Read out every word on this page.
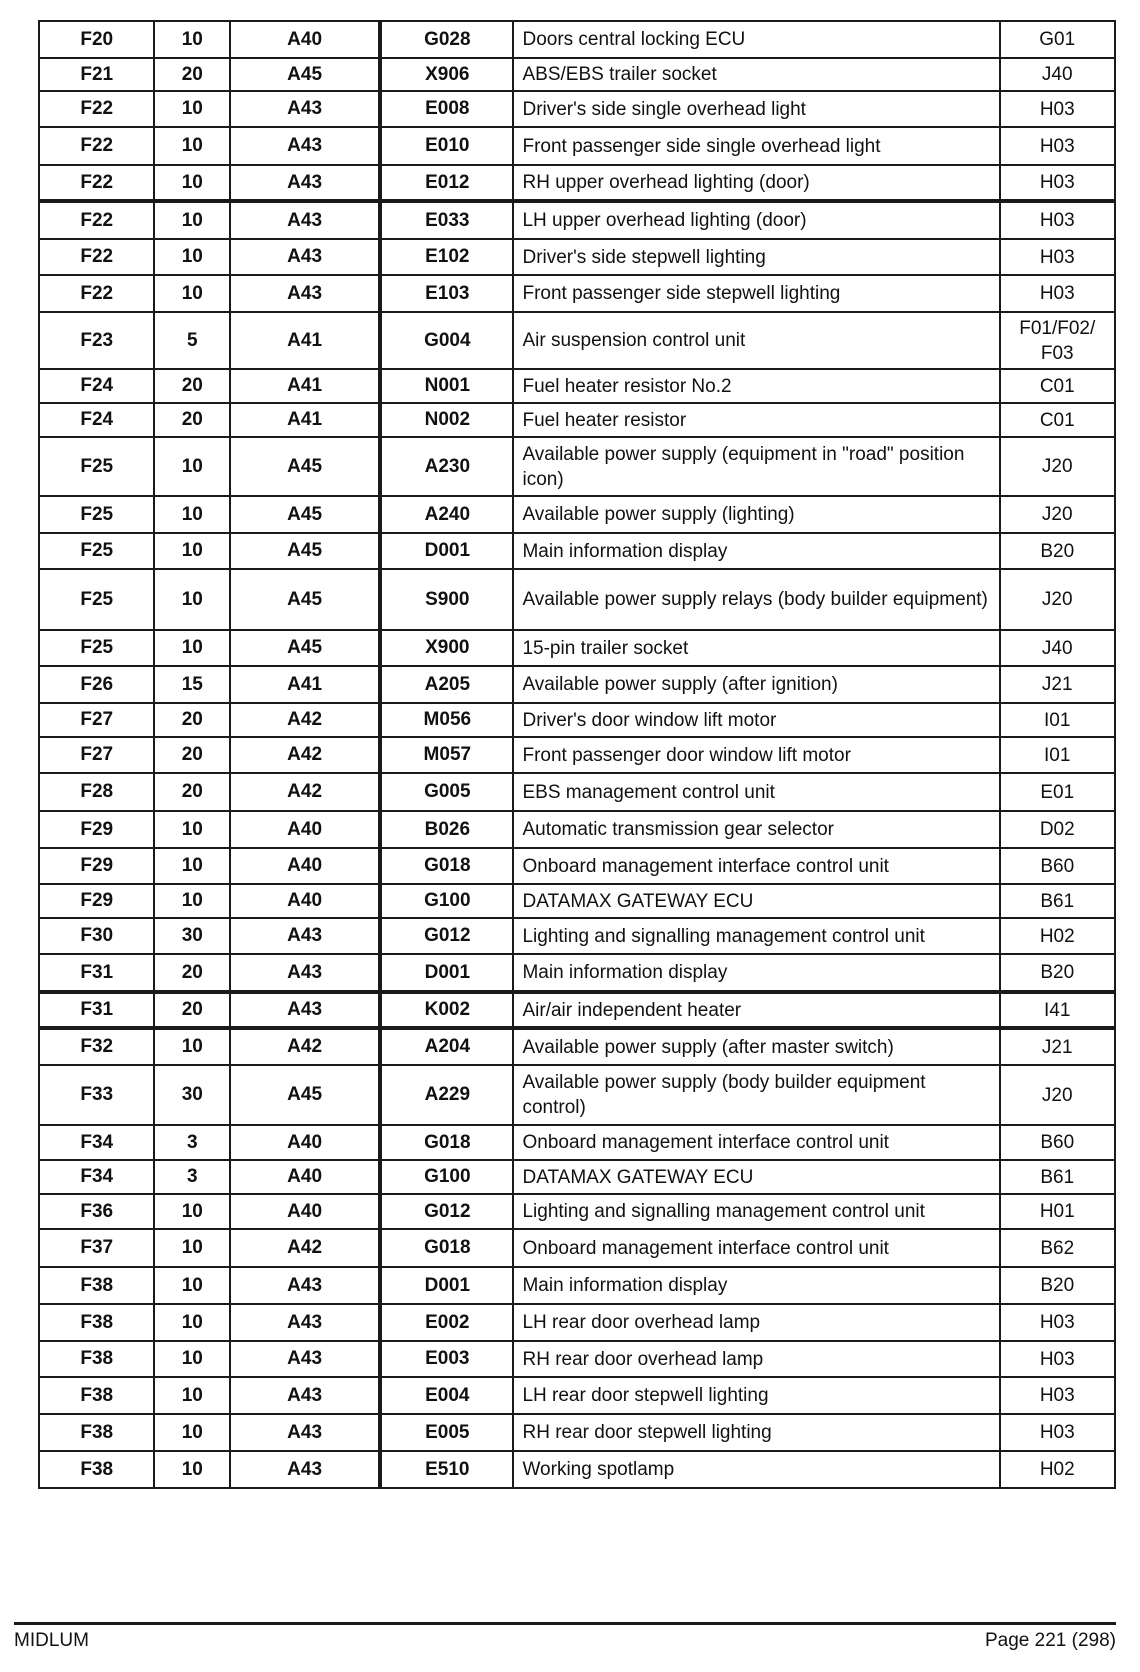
F20	10	A40	G028	Doors central locking ECU	G01
F21	20	A45	X906	ABS/EBS trailer socket	J40
F22	10	A43	E008	Driver's side single overhead light	H03
F22	10	A43	E010	Front passenger side single overhead light	H03
F22	10	A43	E012	RH upper overhead lighting (door)	H03
F22	10	A43	E033	LH upper overhead lighting (door)	H03
F22	10	A43	E102	Driver's side stepwell lighting	H03
F22	10	A43	E103	Front passenger side stepwell lighting	H03
F23	5	A41	G004	Air suspension control unit	F01/F02/
F03
F24	20	A41	N001	Fuel heater resistor No.2	C01
F24	20	A41	N002	Fuel heater resistor	C01
F25	10	A45	A230	Available power supply (equipment in "road" position icon)	J20
F25	10	A45	A240	Available power supply (lighting)	J20
F25	10	A45	D001	Main information display	B20
F25	10	A45	S900	Available power supply relays (body builder equipment)	J20
F25	10	A45	X900	15-pin trailer socket	J40
F26	15	A41	A205	Available power supply (after ignition)	J21
F27	20	A42	M056	Driver's door window lift motor	I01
F27	20	A42	M057	Front passenger door window lift motor	I01
F28	20	A42	G005	EBS management control unit	E01
F29	10	A40	B026	Automatic transmission gear selector	D02
F29	10	A40	G018	Onboard management interface control unit	B60
F29	10	A40	G100	DATAMAX GATEWAY ECU	B61
F30	30	A43	G012	Lighting and signalling management control unit	H02
F31	20	A43	D001	Main information display	B20
F31	20	A43	K002	Air/air independent heater	I41
F32	10	A42	A204	Available power supply (after master switch)	J21
F33	30	A45	A229	Available power supply (body builder equipment control)	J20
F34	3	A40	G018	Onboard management interface control unit	B60
F34	3	A40	G100	DATAMAX GATEWAY ECU	B61
F36	10	A40	G012	Lighting and signalling management control unit	H01
F37	10	A42	G018	Onboard management interface control unit	B62
F38	10	A43	D001	Main information display	B20
F38	10	A43	E002	LH rear door overhead lamp	H03
F38	10	A43	E003	RH rear door overhead lamp	H03
F38	10	A43	E004	LH rear door stepwell lighting	H03
F38	10	A43	E005	RH rear door stepwell lighting	H03
F38	10	A43	E510	Working spotlamp	H02
MIDLUM	Page 221 (298)
